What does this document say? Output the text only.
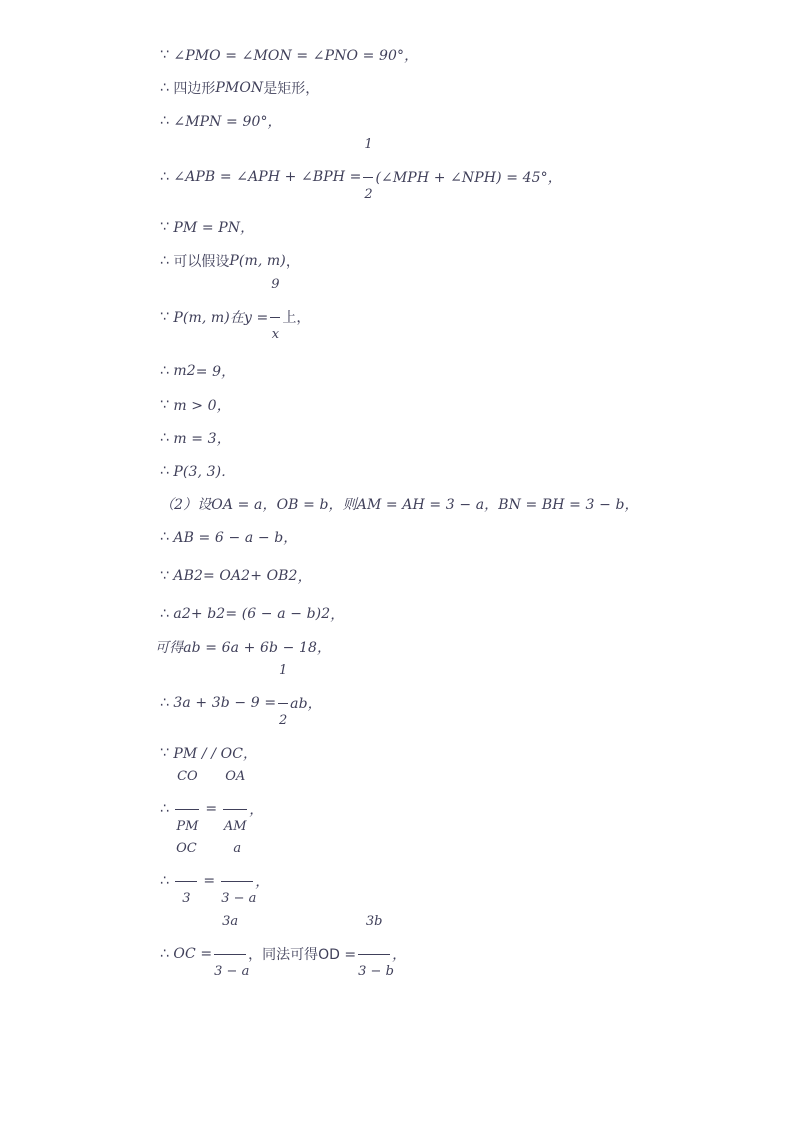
∵
∠PMO = ∠MON = ∠PNO = 90°，
∴
四边形 PMON 是矩形，
∴
∠MPN = 90°，
∴
∠APB = ∠APH + ∠BPH = $\frac{1}{2}$ (∠MPH + ∠NPH) = 45°，
∵
PM = PN，
∴
可以假设 P(m, m) ，
∵
P(m, m)在$y = \frac{9}{x}$ 上，
∴
m 2 = 9，
∵
m > 0，
∴
m = 3，
∴
P(3, 3)．
（2）设OA = a，OB = b，则AM = AH = 3 − a，BN = BH = 3 − b，
∴
AB = 6 − a − b，
∵
AB 2 = OA 2 + OB 2 ，
∴
a 2 + b 2 = (6 − a − b) 2 ，
可得ab = 6a + 6b − 18，
∴
$3a + 3b - 9 = \frac{1}{2}$ ab，
∵
PM / / OC，
∴
$\frac{CO}{PM} = \frac{OA}{AM}$ ，
∴
$\frac{OC}{3} = \frac{a}{3 - a}$ ，
∴
OC = $\frac{3a}{3 - a}$ ，同法可得OD = $\frac{3b}{3 - b}$ ，
